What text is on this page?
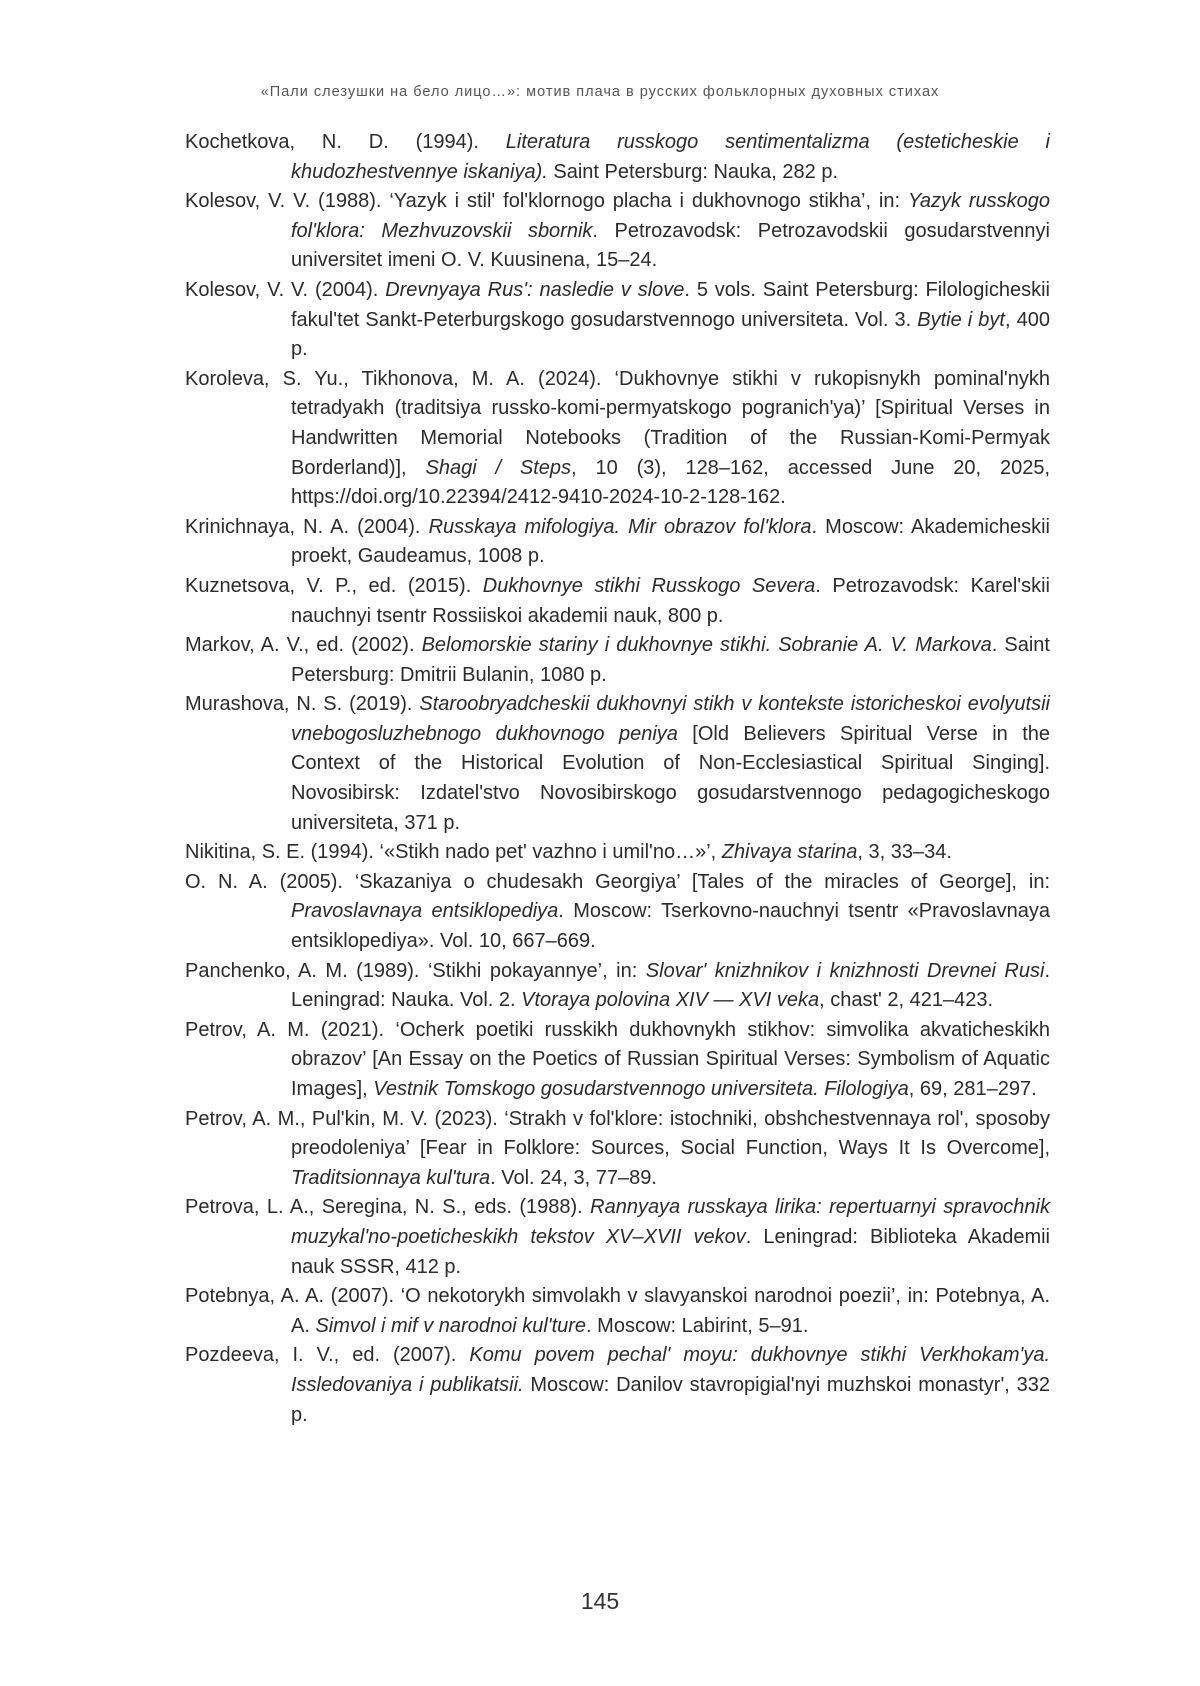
«Пали слезушки на бело лицо…»: мотив плача в русских фольклорных духовных стихах

Kochetkova, N. D. (1994). Literatura russkogo sentimentalizma (esteticheskie i khudozhestvennye iskaniya). Saint Petersburg: Nauka, 282 p.

Kolesov, V. V. (1988). ‘Yazyk i stil' fol'klornogo placha i dukhovnogo stikha’, in: Yazyk russkogo fol'klora: Mezhvuzovskii sbornik. Petrozavodsk: Petrozavodskii gosudarstvennyi universitet imeni O. V. Kuusinena, 15–24.

Kolesov, V. V. (2004). Drevnyaya Rus': nasledie v slove. 5 vols. Saint Petersburg: Filologicheskii fakul'tet Sankt-Peterburgskogo gosudarstvennogo universiteta. Vol. 3. Bytie i byt, 400 p.

Koroleva, S. Yu., Tikhonova, M. A. (2024). ‘Dukhovnye stikhi v rukopisnykh pominal'nykh tetradyakh (traditsiya russko-komi-permyatskogo pogranich'ya)’ [Spiritual Verses in Handwritten Memorial Notebooks (Tradition of the Russian-Komi-Permyak Borderland)], Shagi / Steps, 10 (3), 128–162, accessed June 20, 2025, https://doi.org/10.22394/2412-9410-2024-10-2-128-162.

Krinichnaya, N. A. (2004). Russkaya mifologiya. Mir obrazov fol'klora. Moscow: Akademicheskii proekt, Gaudeamus, 1008 p.

Kuznetsova, V. P., ed. (2015). Dukhovnye stikhi Russkogo Severa. Petrozavodsk: Karel'skii nauchnyi tsentr Rossiiskoi akademii nauk, 800 p.

Markov, A. V., ed. (2002). Belomorskie stariny i dukhovnye stikhi. Sobranie A. V. Markova. Saint Petersburg: Dmitrii Bulanin, 1080 p.

Murashova, N. S. (2019). Staroobryadcheskii dukhovnyi stikh v kontekste istoricheskoi evolyutsii vnebogosluzhebnogo dukhovnogo peniya [Old Believers Spiritual Verse in the Context of the Historical Evolution of Non-Ecclesiastical Spiritual Singing]. Novosibirsk: Izdatel'stvo Novosibirskogo gosudarstvennogo pedagogicheskogo universiteta, 371 p.

Nikitina, S. E. (1994). ‘«Stikh nado pet' vazhno i umil'no…»’, Zhivaya starina, 3, 33–34.

O. N. A. (2005). ‘Skazaniya o chudesakh Georgiya’ [Tales of the miracles of George], in: Pravoslavnaya entsiklopediya. Moscow: Tserkovno-nauchnyi tsentr «Pravoslavnaya entsiklopediya». Vol. 10, 667–669.

Panchenko, A. M. (1989). ‘Stikhi pokayannye’, in: Slovar' knizhnikov i knizhnosti Drevnei Rusi. Leningrad: Nauka. Vol. 2. Vtoraya polovina XIV — XVI veka, chast' 2, 421–423.

Petrov, A. M. (2021). ‘Ocherk poetiki russkikh dukhovnykh stikhov: simvolika akvaticheskikh obrazov’ [An Essay on the Poetics of Russian Spiritual Verses: Symbolism of Aquatic Images], Vestnik Tomskogo gosudarstvennogo universiteta. Filologiya, 69, 281–297.

Petrov, A. M., Pul'kin, M. V. (2023). ‘Strakh v fol'klore: istochniki, obshchestvennaya rol', sposoby preodoleniya’ [Fear in Folklore: Sources, Social Function, Ways It Is Overcome], Traditsionnaya kul'tura. Vol. 24, 3, 77–89.

Petrova, L. A., Seregina, N. S., eds. (1988). Rannyaya russkaya lirika: repertuarnyi spravochnik muzykal'no-poeticheskikh tekstov XV–XVII vekov. Leningrad: Biblioteka Akademii nauk SSSR, 412 p.

Potebnya, A. A. (2007). ‘O nekotorykh simvolakh v slavyanskoi narodnoi poezii’, in: Potebnya, A. A. Simvol i mif v narodnoi kul'ture. Moscow: Labirint, 5–91.

Pozdeeva, I. V., ed. (2007). Komu povem pechal' moyu: dukhovnye stikhi Verkhokam'ya. Issledovaniya i publikatsii. Moscow: Danilov stavropigial'nyi muzhskoi monastyr', 332 p.

145
